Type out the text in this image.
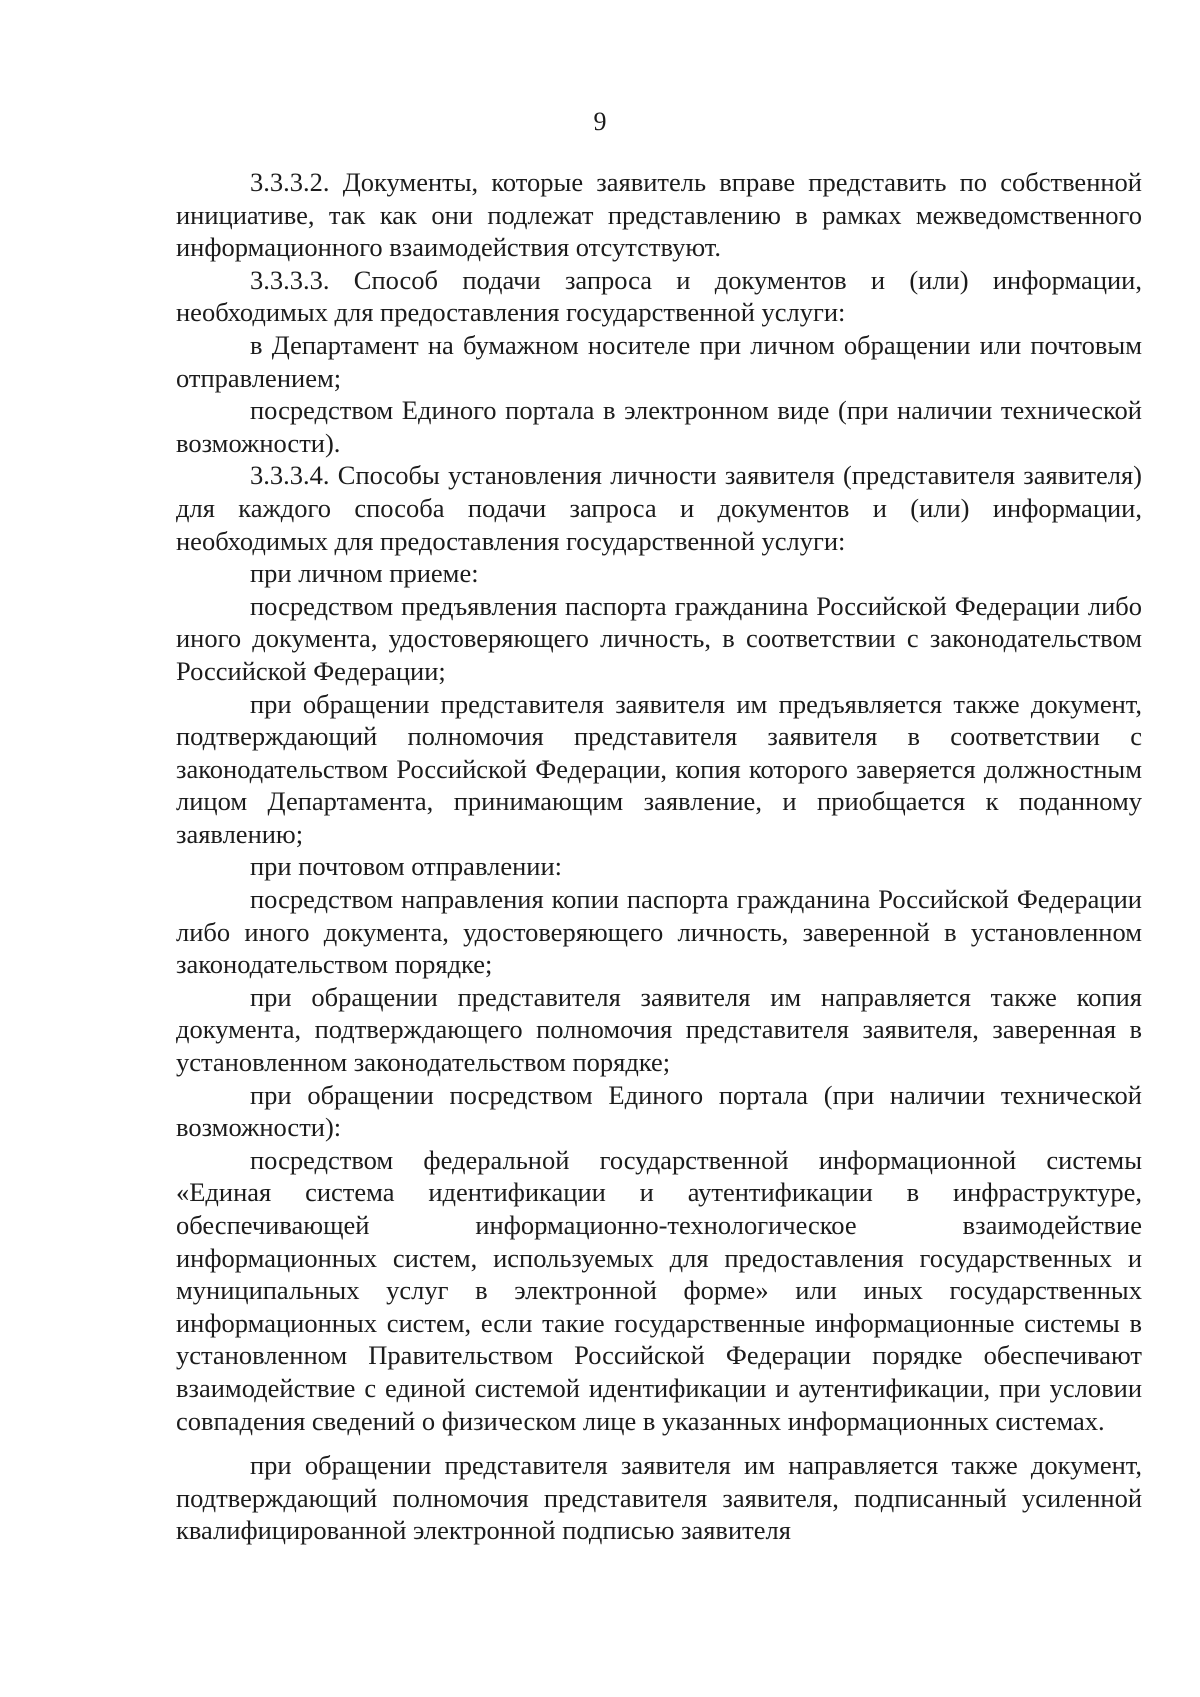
9

3.3.3.2. Документы, которые заявитель вправе представить по собственной инициативе, так как они подлежат представлению в рамках межведомственного информационного взаимодействия отсутствуют.

3.3.3.3. Способ подачи запроса и документов и (или) информации, необходимых для предоставления государственной услуги:

в Департамент на бумажном носителе при личном обращении или почтовым отправлением;

посредством Единого портала в электронном виде (при наличии технической возможности).

3.3.3.4. Способы установления личности заявителя (представителя заявителя) для каждого способа подачи запроса и документов и (или) информации, необходимых для предоставления государственной услуги:

при личном приеме:

посредством предъявления паспорта гражданина Российской Федерации либо иного документа, удостоверяющего личность, в соответствии с законодательством Российской Федерации;

при обращении представителя заявителя им предъявляется также документ, подтверждающий полномочия представителя заявителя в соответствии с законодательством Российской Федерации, копия которого заверяется должностным лицом Департамента, принимающим заявление, и приобщается к поданному заявлению;

при почтовом отправлении:

посредством направления копии паспорта гражданина Российской Федерации либо иного документа, удостоверяющего личность, заверенной в установленном законодательством порядке;

при обращении представителя заявителя им направляется также копия документа, подтверждающего полномочия представителя заявителя, заверенная в установленном законодательством порядке;

при обращении посредством Единого портала (при наличии технической возможности):

посредством федеральной государственной информационной системы «Единая система идентификации и аутентификации в инфраструктуре, обеспечивающей информационно-технологическое взаимодействие информационных систем, используемых для предоставления государственных и муниципальных услуг в электронной форме» или иных государственных информационных систем, если такие государственные информационные системы в установленном Правительством Российской Федерации порядке обеспечивают взаимодействие с единой системой идентификации и аутентификации, при условии совпадения сведений о физическом лице в указанных информационных системах.

при обращении представителя заявителя им направляется также документ, подтверждающий полномочия представителя заявителя, подписанный усиленной квалифицированной электронной подписью заявителя
